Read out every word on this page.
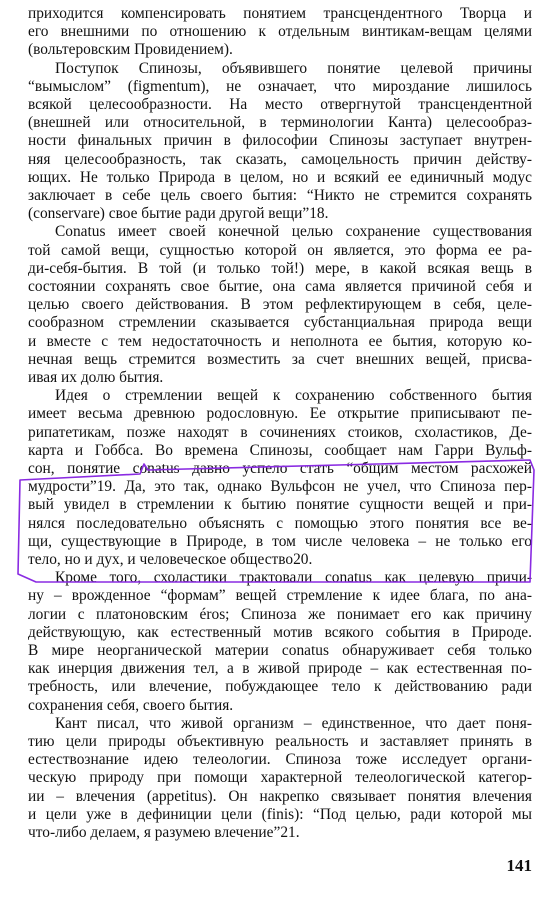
приходится компенсировать понятием трансцендентного Творца и
его внешними по отношению к отдельным винтикам-вещам целями
(вольтеровским Провидением).
Поступок Спинозы, объявившего понятие целевой причины
“вымыслом” (figmentum), не означает, что мироздание лишилось
всякой целесообразности. На место отвергнутой трансцендентной
(внешней или относительной, в терминологии Канта) целесообраз-
ности финальных причин в философии Спинозы заступает внутрен-
няя целесообразность, так сказать, самоцельность причин действу-
ющих. Не только Природа в целом, но и всякий ее единичный модус
заключает в себе цель своего бытия: “Никто не стремится сохранять
(conservare) свое бытие ради другой вещи”18.
Conatus имеет своей конечной целью сохранение существования
той самой вещи, сущностью которой он является, это форма ее ра-
ди-себя-бытия. В той (и только той!) мере, в какой всякая вещь в
состоянии сохранять свое бытие, она сама является причиной себя и
целью своего действования. В этом рефлектирующем в себя, целе-
сообразном стремлении сказывается субстанциальная природа вещи
и вместе с тем недостаточность и неполнота ее бытия, которую ко-
нечная вещь стремится возместить за счет внешних вещей, присва-
ивая их долю бытия.
Идея о стремлении вещей к сохранению собственного бытия
имеет весьма древнюю родословную. Ее открытие приписывают пе-
рипатетикам, позже находят в сочинениях стоиков, схоластиков, Де-
карта и Гоббса. Во времена Спинозы, сообщает нам Гарри Вульф-
сон, понятие conatus давно успело стать “общим местом расхожей
мудрости”19. Да, это так, однако Вульфсон не учел, что Спиноза пер-
вый увидел в стремлении к бытию понятие сущности вещей и при-
нялся последовательно объяснять с помощью этого понятия все ве-
щи, существующие в Природе, в том числе человека – не только его
тело, но и дух, и человеческое общество20.
Кроме того, схоластики трактовали conatus как целевую причи-
ну – врожденное “формам” вещей стремление к идее блага, по ана-
логии с платоновским éros; Спиноза же понимает его как причину
действующую, как естественный мотив всякого события в Природе.
В мире неорганической материи conatus обнаруживает себя только
как инерция движения тел, а в живой природе – как естественная по-
требность, или влечение, побуждающее тело к действованию ради
сохранения себя, своего бытия.
Кант писал, что живой организм – единственное, что дает поня-
тию цели природы объективную реальность и заставляет принять в
естествознание идею телеологии. Спиноза тоже исследует органи-
ческую природу при помощи характерной телеологической категор-
ии – влечения (appetitus). Он накрепко связывает понятия влечения
и цели уже в дефиниции цели (finis): “Под целью, ради которой мы
что-либо делаем, я разумею влечение”21.
141
